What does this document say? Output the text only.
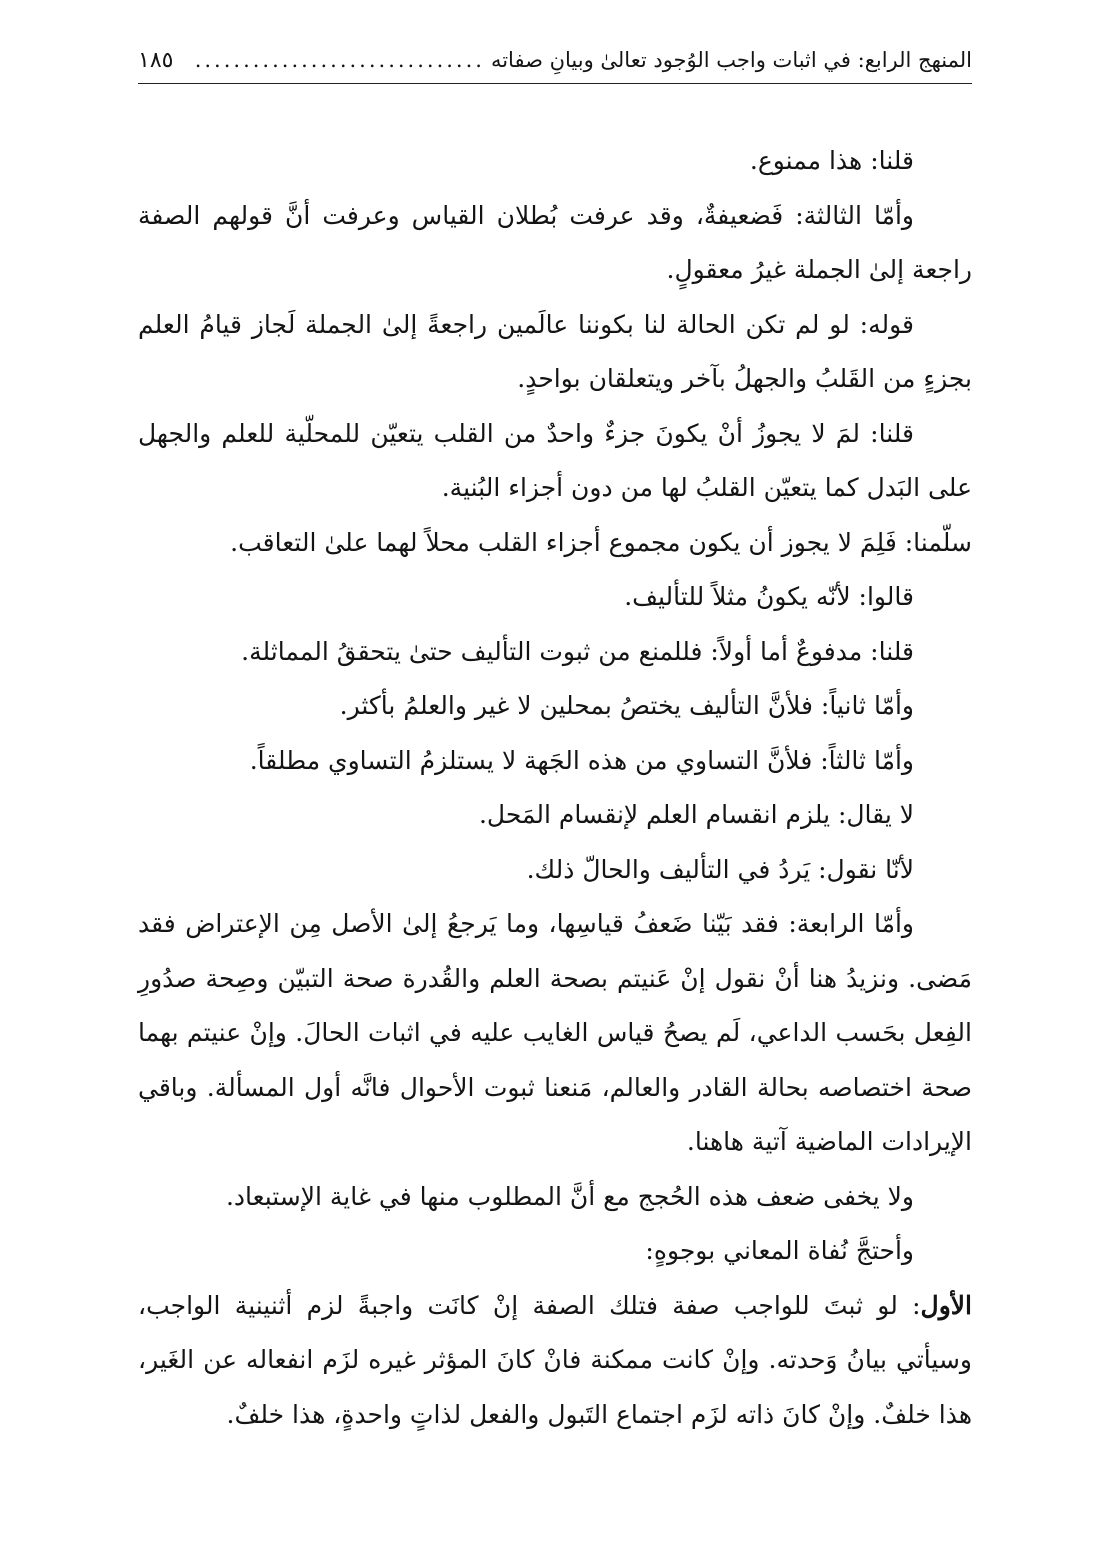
المنهج الرابع: في اثبات واجب الوُجود تعالىٰ وبيانِ صفاته
..............................
١٨٥

قلنا: هذا ممنوع.

وأمّا الثالثة: فَضعيفةٌ، وقد عرفت بُطلان القياس وعرفت أنَّ قولهم الصفة راجعة إلىٰ الجملة غيرُ معقولٍ.

قوله: لو لم تكن الحالة لنا بكوننا عالَمين راجعةً إلىٰ الجملة لَجاز قيامُ العلم بجزءٍ من القَلبُ والجهلُ بآخر ويتعلقان بواحدٍ.

قلنا: لمَ لا يجوزُ أنْ يكونَ جزءٌ واحدٌ من القلب يتعيّن للمحلّية للعلم والجهل على البَدل كما يتعيّن القلبُ لها من دون أجزاء البُنية.

سلّمنا: فَلِمَ لا يجوز أن يكون مجموع أجزاء القلب محلاً لهما علىٰ التعاقب.

قالوا: لأنّه يكونُ مثلاً للتأليف.

قلنا: مدفوعٌ أما أولاً: فللمنع من ثبوت التأليف حتىٰ يتحققُ المماثلة.

وأمّا ثانياً: فلأنَّ التأليف يختصُ بمحلين لا غير والعلمُ بأكثر.

وأمّا ثالثاً: فلأنَّ التساوي من هذه الجَهة لا يستلزمُ التساوي مطلقاً.

لا يقال: يلزم انقسام العلم لإنقسام المَحل.

لأنّا نقول: يَردُ في التأليف والحالّ ذلك.

وأمّا الرابعة: فقد بَيّنا ضَعفُ قياسِها، وما يَرجعُ إلىٰ الأصل مِن الإعتراض فقد مَضى. ونزيدُ هنا أنْ نقول إنْ عَنيتم بصحة العلم والقُدرة صحة التبيّن وصِحة صدُورِ الفِعل بحَسب الداعي، لَم يصحُ قياس الغايب عليه في اثبات الحالَ. وإنْ عنيتم بهما صحة اختصاصه بحالة القادر والعالم، مَنعنا ثبوت الأحوال فانَّه أول المسألة. وباقي الإيرادات الماضية آتية هاهنا.

ولا يخفى ضعف هذه الحُجج مع أنَّ المطلوب منها في غاية الإستبعاد.

وأحتجَّ نُفاة المعاني بوجوهٍ:

الأول: لو ثبتَ للواجب صفة فتلك الصفة إنْ كانَت واجبةً لزم أثنينية الواجب، وسيأتي بيانُ وَحدته. وإنْ كانت ممكنة فانْ كانَ المؤثر غيره لزَم انفعاله عن الغَير، هذا خلفٌ. وإنْ كانَ ذاته لزَم اجتماع التَبول والفعل لذاتٍ واحدةٍ، هذا خلفٌ.
